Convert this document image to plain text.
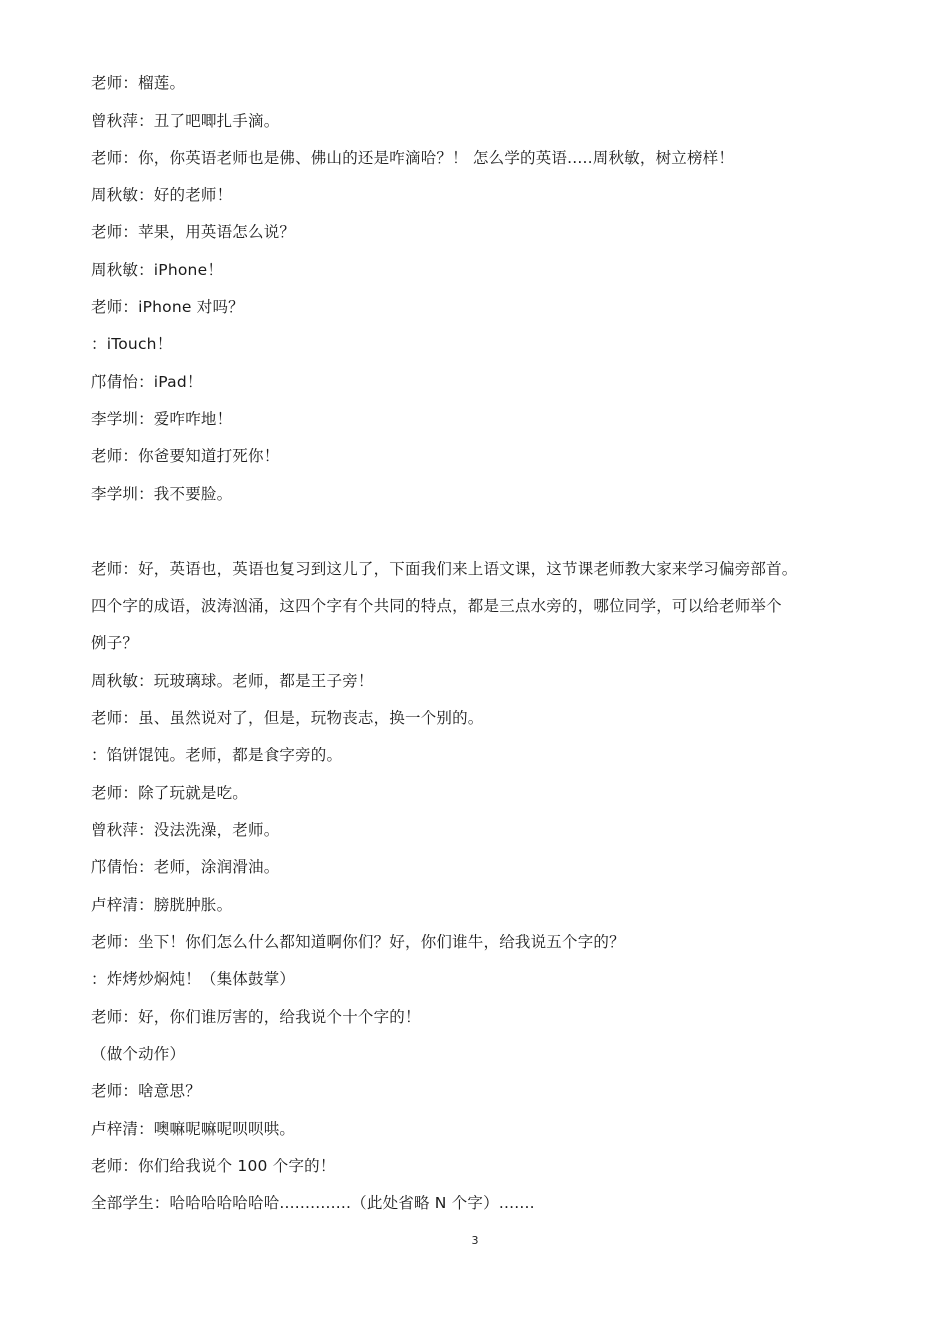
老师：榴莲。
曾秋萍：丑了吧唧扎手滴。
老师：你，你英语老师也是佛、佛山的还是咋滴哈？！ 怎么学的英语.....周秋敏，树立榜样！
周秋敏：好的老师！
老师：苹果，用英语怎么说？
周秋敏：iPhone！
老师：iPhone 对吗？
：iTouch！
邝倩怡：iPad！
李学圳：爱咋咋地！
老师：你爸要知道打死你！
李学圳：我不要脸。
老师：好，英语也，英语也复习到这儿了，下面我们来上语文课，这节课老师教大家来学习偏旁部首。
四个字的成语，波涛汹涌，这四个字有个共同的特点，都是三点水旁的，哪位同学，可以给老师举个
例子？
周秋敏：玩玻璃球。老师，都是王子旁！
老师：虽、虽然说对了，但是，玩物丧志，换一个别的。
：馅饼馄饨。老师，都是食字旁的。
老师：除了玩就是吃。
曾秋萍：没法洗澡，老师。
邝倩怡：老师，涂润滑油。
卢梓清：膀胱肿胀。
老师：坐下！你们怎么什么都知道啊你们？好，你们谁牛，给我说五个字的？
：炸烤炒焖炖！（集体鼓掌）
老师：好，你们谁厉害的，给我说个十个字的！
（做个动作）
老师：啥意思？
卢梓清：噢嘛呢嘛呢呗呗哄。
老师：你们给我说个 100 个字的！
全部学生：哈哈哈哈哈哈哈..............（此处省略 N 个字）.......
3
